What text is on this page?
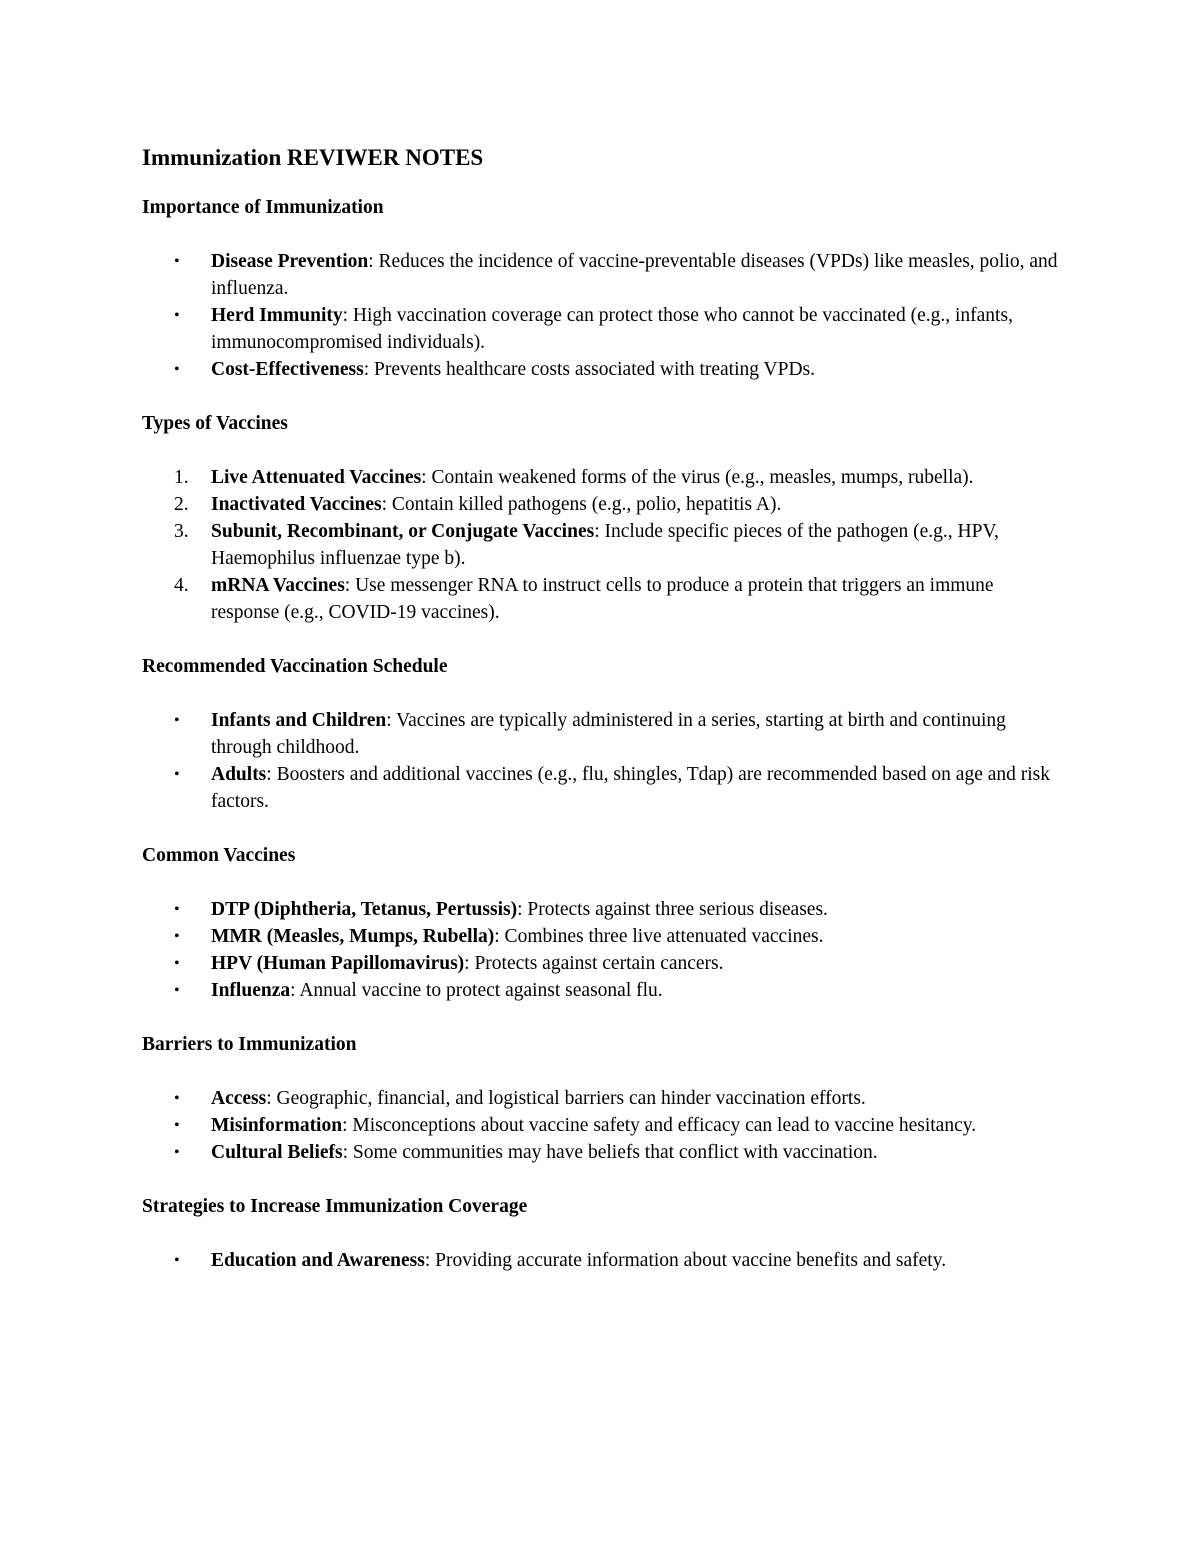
Immunization REVIWER NOTES
Importance of Immunization
•	Disease Prevention: Reduces the incidence of vaccine-preventable diseases (VPDs) like measles, polio, and influenza.
•	Herd Immunity: High vaccination coverage can protect those who cannot be vaccinated (e.g., infants, immunocompromised individuals).
•	Cost-Effectiveness: Prevents healthcare costs associated with treating VPDs.
Types of Vaccines
1.	Live Attenuated Vaccines: Contain weakened forms of the virus (e.g., measles, mumps, rubella).
2.	Inactivated Vaccines: Contain killed pathogens (e.g., polio, hepatitis A).
3.	Subunit, Recombinant, or Conjugate Vaccines: Include specific pieces of the pathogen (e.g., HPV, Haemophilus influenzae type b).
4.	mRNA Vaccines: Use messenger RNA to instruct cells to produce a protein that triggers an immune response (e.g., COVID-19 vaccines).
Recommended Vaccination Schedule
•	Infants and Children: Vaccines are typically administered in a series, starting at birth and continuing through childhood.
•	Adults: Boosters and additional vaccines (e.g., flu, shingles, Tdap) are recommended based on age and risk factors.
Common Vaccines
•	DTP (Diphtheria, Tetanus, Pertussis): Protects against three serious diseases.
•	MMR (Measles, Mumps, Rubella): Combines three live attenuated vaccines.
•	HPV (Human Papillomavirus): Protects against certain cancers.
•	Influenza: Annual vaccine to protect against seasonal flu.
Barriers to Immunization
•	Access: Geographic, financial, and logistical barriers can hinder vaccination efforts.
•	Misinformation: Misconceptions about vaccine safety and efficacy can lead to vaccine hesitancy.
•	Cultural Beliefs: Some communities may have beliefs that conflict with vaccination.
Strategies to Increase Immunization Coverage
•	Education and Awareness: Providing accurate information about vaccine benefits and safety.
